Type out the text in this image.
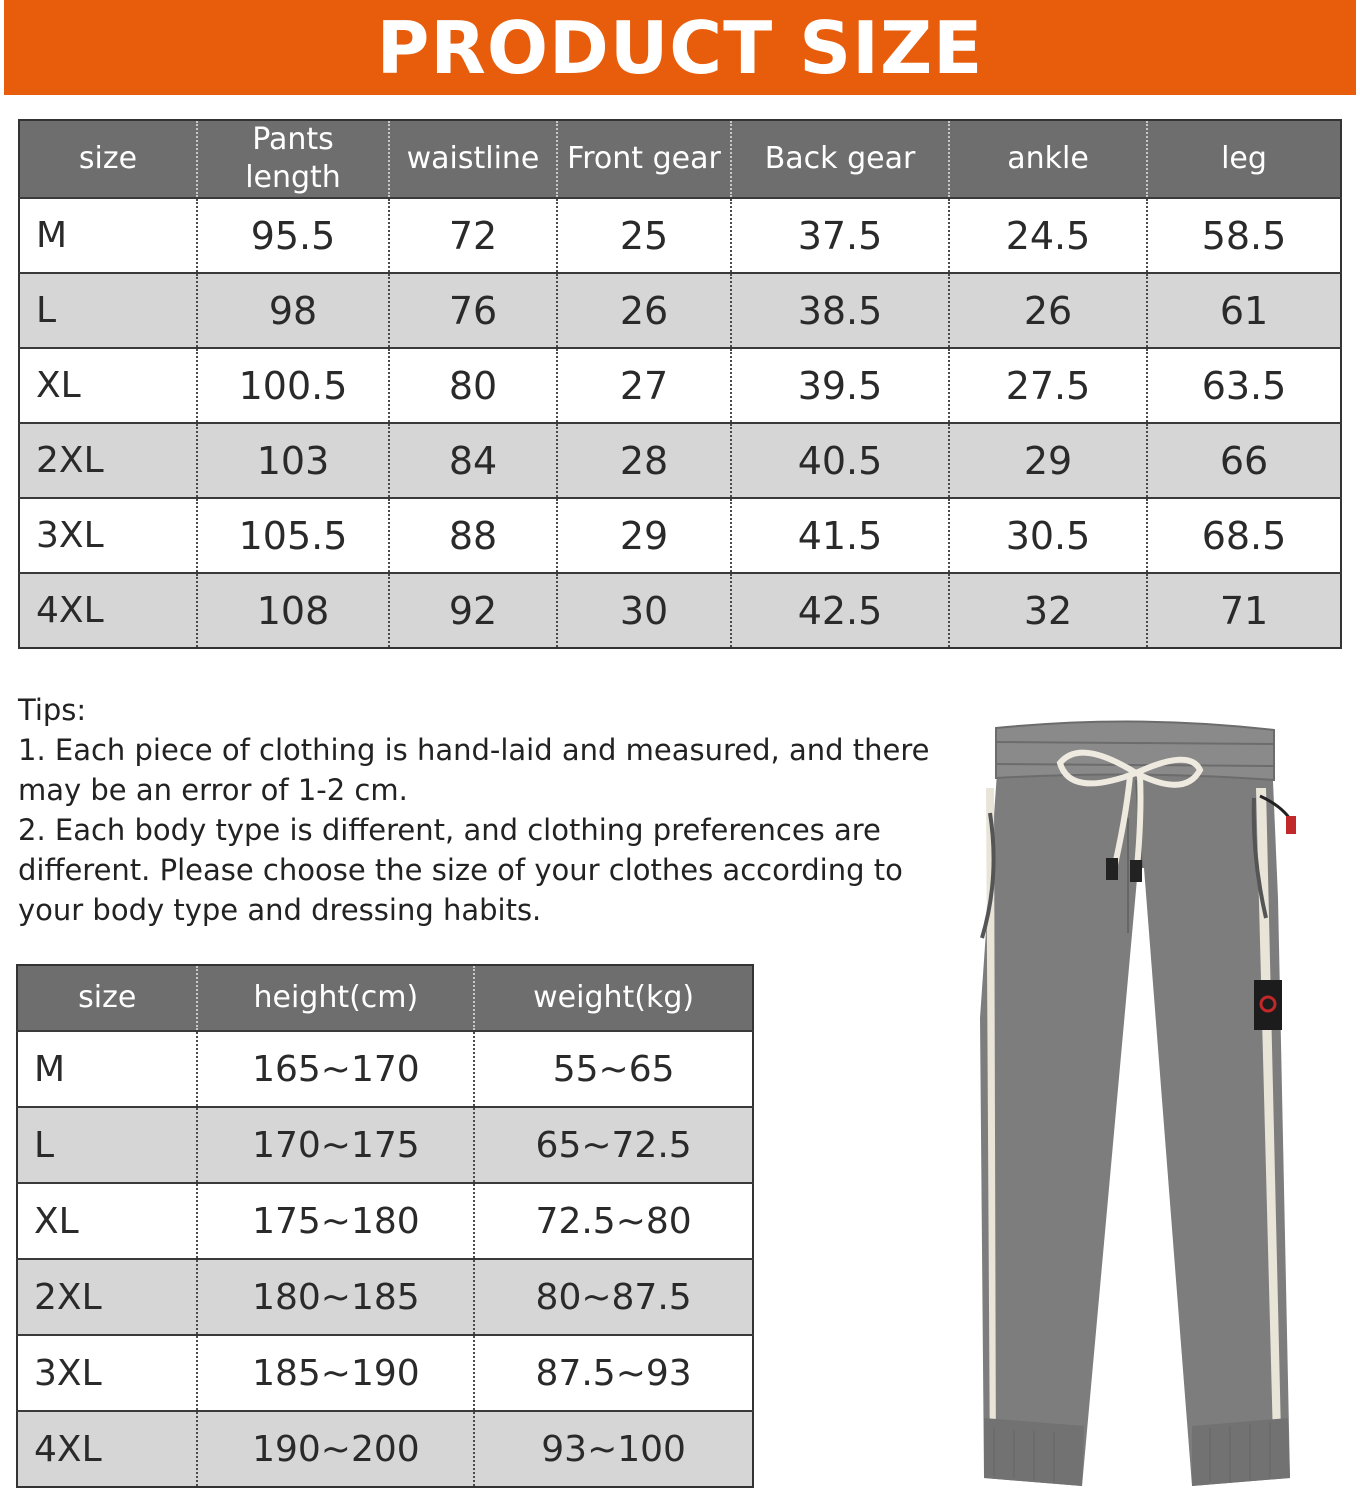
PRODUCT SIZE
size	Pants length	waistline	Front gear	Back gear	ankle	leg
M	95.5	72	25	37.5	24.5	58.5
L	98	76	26	38.5	26	61
XL	100.5	80	27	39.5	27.5	63.5
2XL	103	84	28	40.5	29	66
3XL	105.5	88	29	41.5	30.5	68.5
4XL	108	92	30	42.5	32	71

Tips:

1. Each piece of clothing is hand-laid and measured, and there may be an error of 1-2 cm.

2. Each body type is different, and clothing preferences are different. Please choose the size of your clothes according to your body type and dressing habits.

size	height(cm)	weight(kg)
M	165~170	55~65
L	170~175	65~72.5
XL	175~180	72.5~80
2XL	180~185	80~87.5
3XL	185~190	87.5~93
4XL	190~200	93~100
